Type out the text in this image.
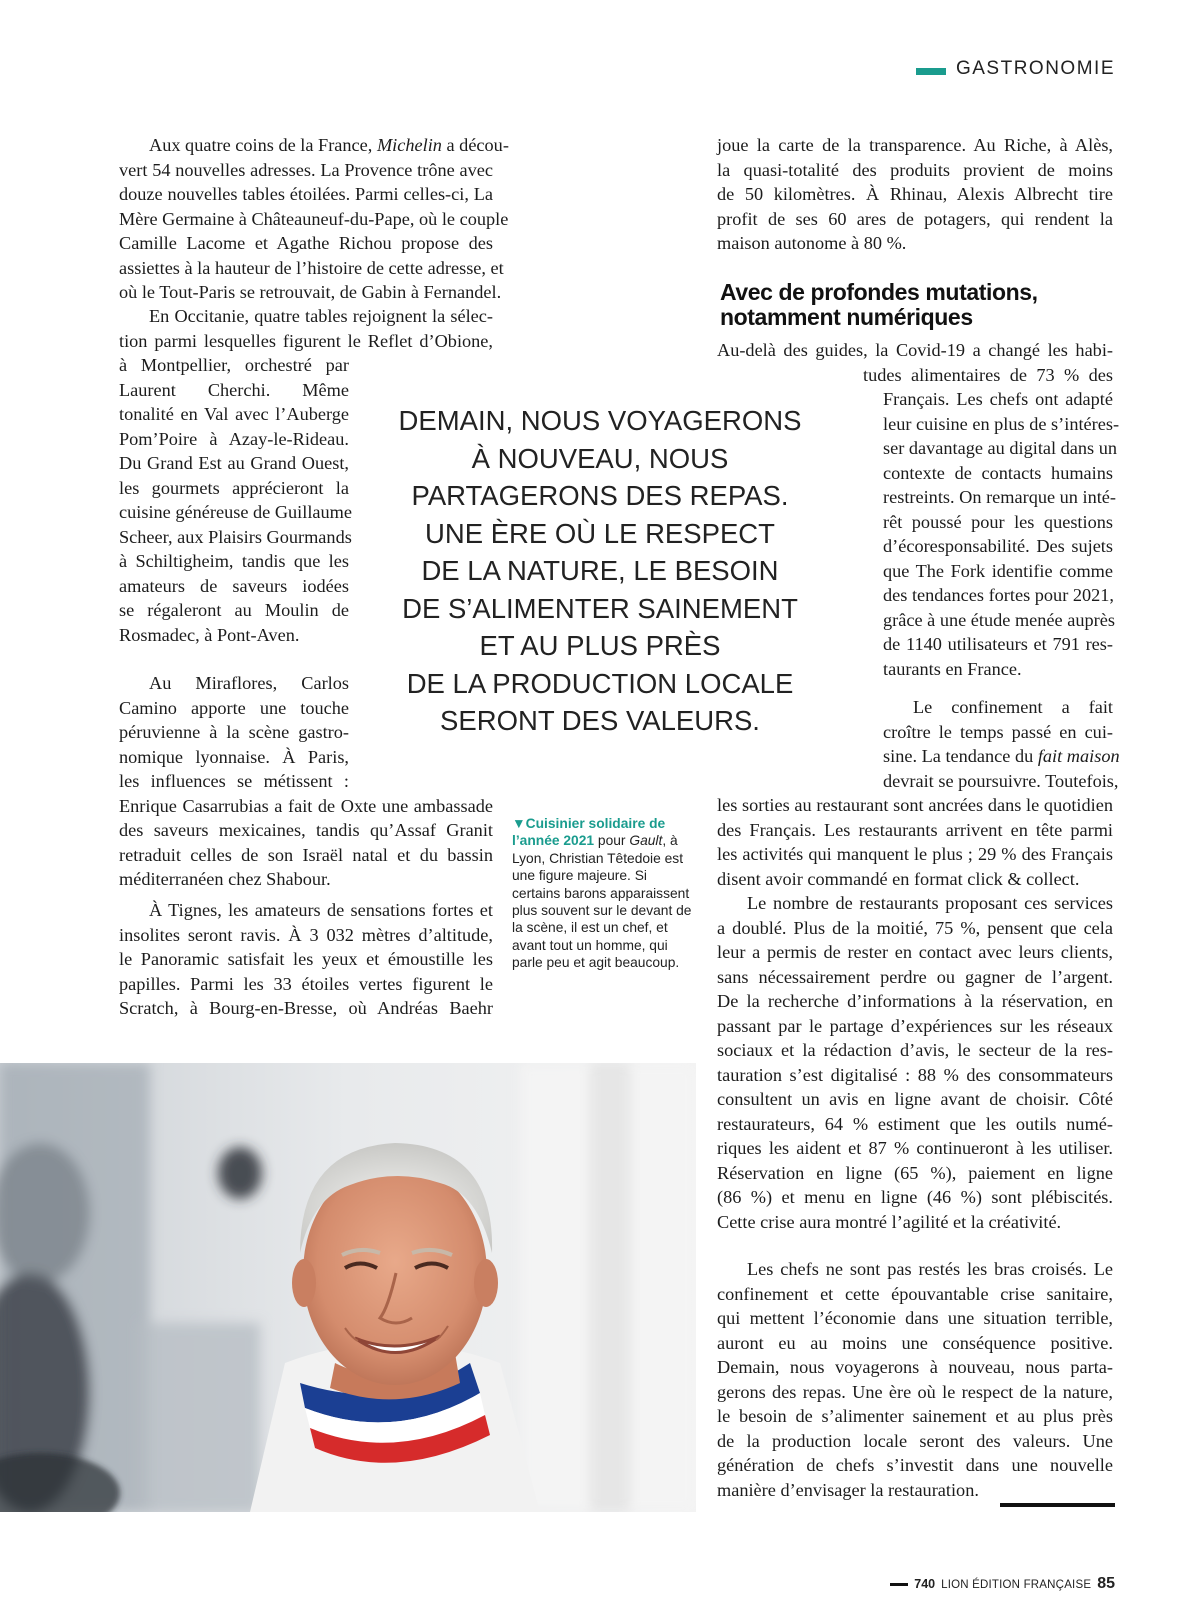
GASTRONOMIE
Aux quatre coins de la France, Michelin a décou-
vert 54 nouvelles adresses. La Provence trône avec
douze nouvelles tables étoilées. Parmi celles-ci, La
Mère Germaine à Châteauneuf-du-Pape, où le couple
Camille Lacome et Agathe Richou propose des
assiettes à la hauteur de l’histoire de cette adresse, et
où le Tout-Paris se retrouvait, de Gabin à Fernandel.
En Occitanie, quatre tables rejoignent la sélec-
tion parmi lesquelles figurent le Reflet d’Obione,
à Montpellier, orchestré par
Laurent Cherchi. Même
tonalité en Val avec l’Auberge
Pom’Poire à Azay-le-Rideau.
Du Grand Est au Grand Ouest,
les gourmets apprécieront la
cuisine généreuse de Guillaume
Scheer, aux Plaisirs Gourmands
à Schiltigheim, tandis que les
amateurs de saveurs iodées
se régaleront au Moulin de
Rosmadec, à Pont-Aven.
Au Miraflores, Carlos
Camino apporte une touche
péruvienne à la scène gastro-
nomique lyonnaise. À Paris,
les influences se métissent :
Enrique Casarrubias a fait de Oxte une ambassade
des saveurs mexicaines, tandis qu’Assaf Granit
retraduit celles de son Israël natal et du bassin
méditerranéen chez Shabour.
À Tignes, les amateurs de sensations fortes et
insolites seront ravis. À 3 032 mètres d’altitude,
le Panoramic satisfait les yeux et émoustille les
papilles. Parmi les 33 étoiles vertes figurent le
Scratch, à Bourg-en-Bresse, où Andréas Baehr
DEMAIN, NOUS VOYAGERONS
À NOUVEAU, NOUS
PARTAGERONS DES REPAS.
UNE ÈRE OÙ LE RESPECT
DE LA NATURE, LE BESOIN
DE S’ALIMENTER SAINEMENT
ET AU PLUS PRÈS
DE LA PRODUCTION LOCALE
SERONT DES VALEURS.
▼Cuisinier solidaire de l’année 2021 pour Gault, à Lyon, Christian Têtedoie est une figure majeure. Si certains barons apparaissent plus souvent sur le devant de la scène, il est un chef, et avant tout un homme, qui parle peu et agit beaucoup.
joue la carte de la transparence. Au Riche, à Alès,
la quasi-totalité des produits provient de moins
de 50 kilomètres. À Rhinau, Alexis Albrecht tire
profit de ses 60 ares de potagers, qui rendent la
maison autonome à 80 %.
Avec de profondes mutations,
notamment numériques
Au-delà des guides, la Covid-19 a changé les habi-
tudes alimentaires de 73 % des
Français. Les chefs ont adapté
leur cuisine en plus de s’intéres-
ser davantage au digital dans un
contexte de contacts humains
restreints. On remarque un inté-
rêt poussé pour les questions
d’écoresponsabilité. Des sujets
que The Fork identifie comme
des tendances fortes pour 2021,
grâce à une étude menée auprès
de 1140 utilisateurs et 791 res-
taurants en France.
Le confinement a fait
croître le temps passé en cui-
sine. La tendance du fait maison
devrait se poursuivre. Toutefois,
les sorties au restaurant sont ancrées dans le quotidien
des Français. Les restaurants arrivent en tête parmi
les activités qui manquent le plus ; 29 % des Français
disent avoir commandé en format click & collect.
Le nombre de restaurants proposant ces services
a doublé. Plus de la moitié, 75 %, pensent que cela
leur a permis de rester en contact avec leurs clients,
sans nécessairement perdre ou gagner de l’argent.
De la recherche d’informations à la réservation, en
passant par le partage d’expériences sur les réseaux
sociaux et la rédaction d’avis, le secteur de la res-
tauration s’est digitalisé : 88 % des consommateurs
consultent un avis en ligne avant de choisir. Côté
restaurateurs, 64 % estiment que les outils numé-
riques les aident et 87 % continueront à les utiliser.
Réservation en ligne (65 %), paiement en ligne
(86 %) et menu en ligne (46 %) sont plébiscités.
Cette crise aura montré l’agilité et la créativité.
Les chefs ne sont pas restés les bras croisés. Le
confinement et cette épouvantable crise sanitaire,
qui mettent l’économie dans une situation terrible,
auront eu au moins une conséquence positive.
Demain, nous voyagerons à nouveau, nous parta-
gerons des repas. Une ère où le respect de la nature,
le besoin de s’alimenter sainement et au plus près
de la production locale seront des valeurs. Une
génération de chefs s’investit dans une nouvelle
manière d’envisager la restauration.
740 LION ÉDITION FRANÇAISE 85
